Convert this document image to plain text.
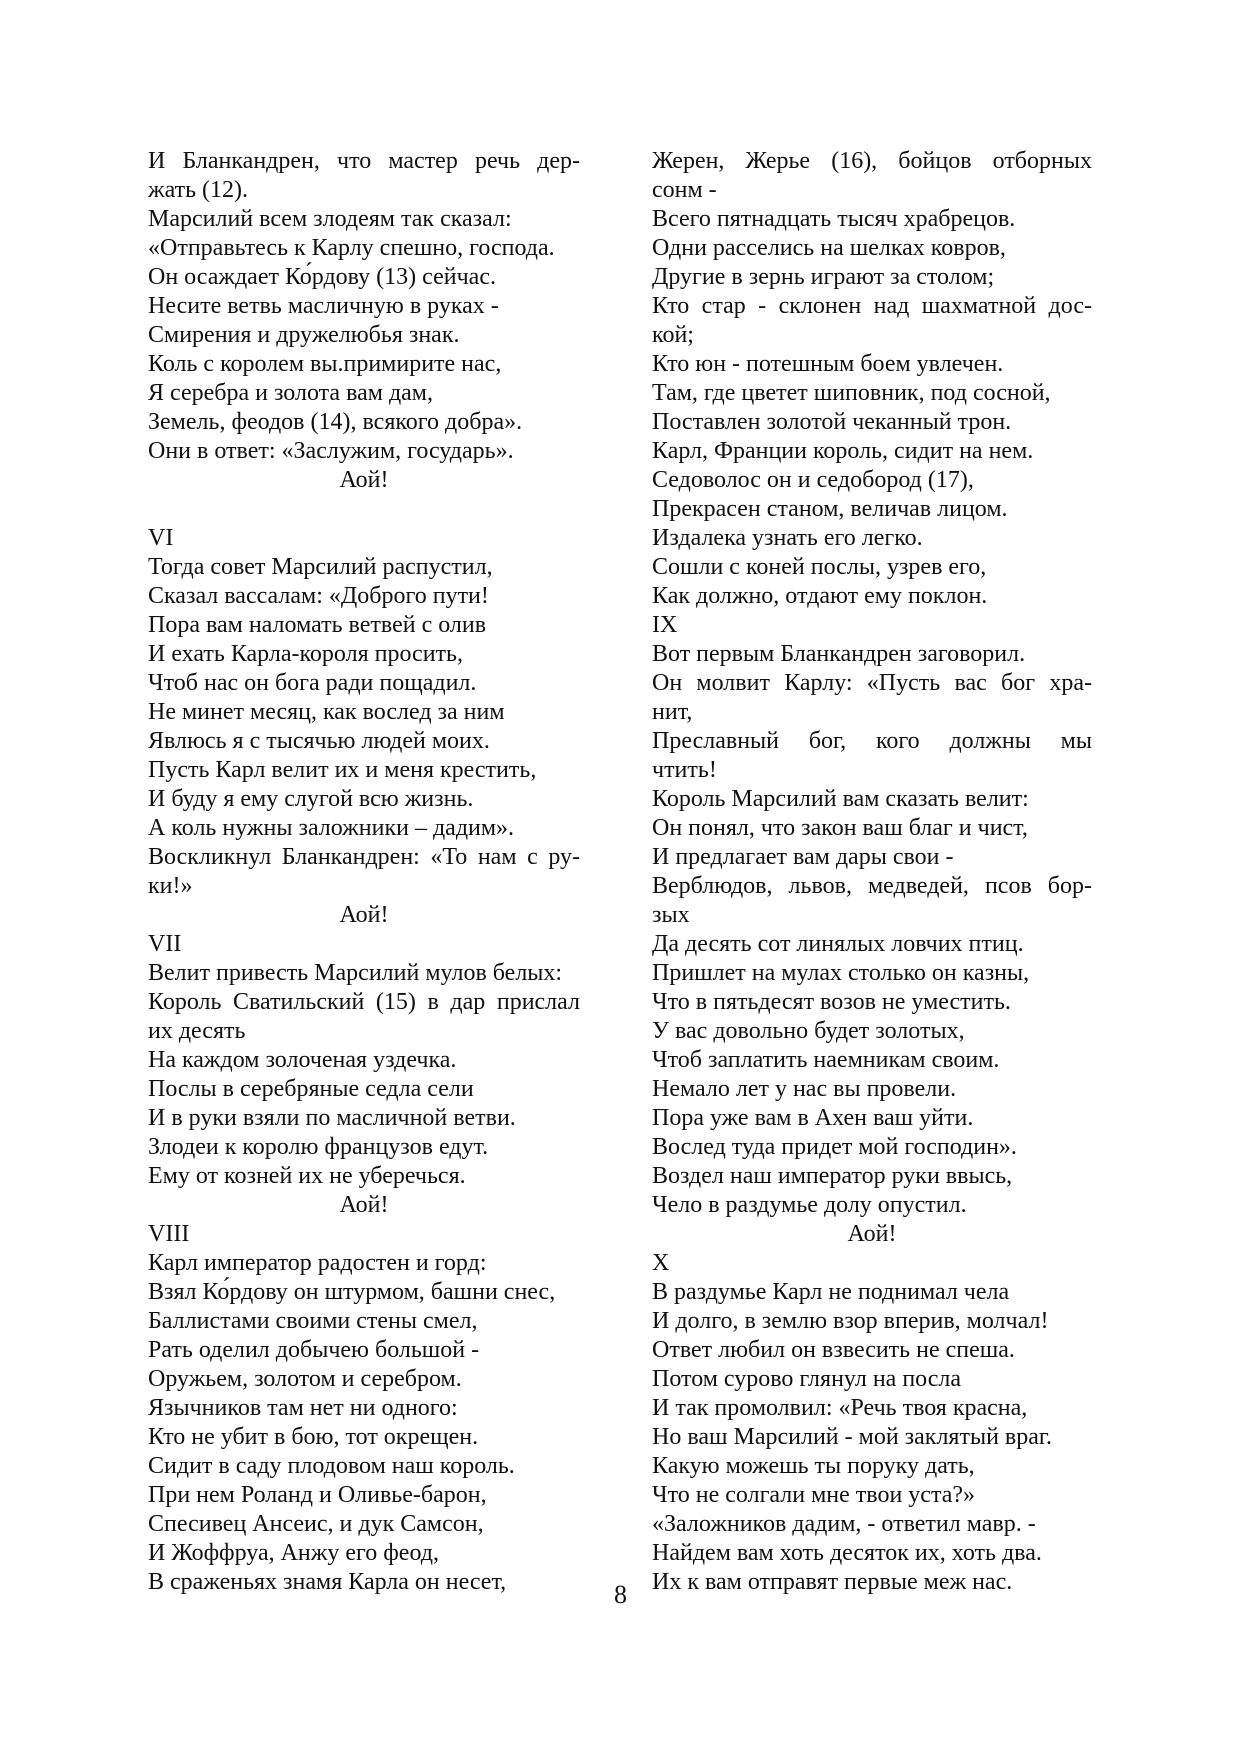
И Бланкандрен, что мастер речь дер-
жать (12).
Марсилий всем злодеям так сказал:
«Отправьтесь к Карлу спешно, господа.
Он осаждает Ко́рдову (13) сейчас.
Несите ветвь масличную в руках -
Смирения и дружелюбья знак.
Коль с королем вы.примирите нас,
Я серебра и золота вам дам,
Земель, феодов (14), всякого добра».
Они в ответ: «Заслужим, государь».
Аой!
VI
Тогда совет Марсилий распустил,
Сказал вассалам: «Доброго пути!
Пора вам наломать ветвей с олив
И ехать Карла-короля просить,
Чтоб нас он бога ради пощадил.
Не минет месяц, как вослед за ним
Явлюсь я с тысячью людей моих.
Пусть Карл велит их и меня крестить,
И буду я ему слугой всю жизнь.
А коль нужны заложники – дадим».
Воскликнул Бланкандрен: «То нам с ру-
ки!»
Аой!
VII
Велит привесть Марсилий мулов белых:
Король Сватильский (15) в дар прислал
их десять
На каждом золоченая уздечка.
Послы в серебряные седла сели
И в руки взяли по масличной ветви.
Злодеи к королю французов едут.
Ему от козней их не уберечься.
Аой!
VIII
Карл император радостен и горд:
Взял Ко́рдову он штурмом, башни снес,
Баллистами своими стены смел,
Рать оделил добычею большой -
Оружьем, золотом и серебром.
Язычников там нет ни одного:
Кто не убит в бою, тот окрещен.
Сидит в саду плодовом наш король.
При нем Роланд и Оливье-барон,
Спесивец Ансеис, и дук Самсон,
И Жоффруа, Анжу его феод,
В сраженьях знамя Карла он несет,
Жерен, Жерье (16), бойцов отборных
сонм -
Всего пятнадцать тысяч храбрецов.
Одни расселись на шелках ковров,
Другие в зернь играют за столом;
Кто стар - склонен над шахматной дос-
кой;
Кто юн - потешным боем увлечен.
Там, где цветет шиповник, под сосной,
Поставлен золотой чеканный трон.
Карл, Франции король, сидит на нем.
Седоволос он и седобород (17),
Прекрасен станом, величав лицом.
Издалека узнать его легко.
Сошли с коней послы, узрев его,
Как должно, отдают ему поклон.
IX
Вот первым Бланкандрен заговорил.
Он молвит Карлу: «Пусть вас бог хра-
нит,
Преславный бог, кого должны мы
чтить!
Король Марсилий вам сказать велит:
Он понял, что закон ваш благ и чист,
И предлагает вам дары свои -
Верблюдов, львов, медведей, псов бор-
зых
Да десять сот линялых ловчих птиц.
Пришлет на мулах столько он казны,
Что в пятьдесят возов не уместить.
У вас довольно будет золотых,
Чтоб заплатить наемникам своим.
Немало лет у нас вы провели.
Пора уже вам в Ахен ваш уйти.
Вослед туда придет мой господин».
Воздел наш император руки ввысь,
Чело в раздумье долу опустил.
Аой!
X
В раздумье Карл не поднимал чела
И долго, в землю взор вперив, молчал!
Ответ любил он взвесить не спеша.
Потом сурово глянул на посла
И так промолвил: «Речь твоя красна,
Но ваш Марсилий - мой заклятый враг.
Какую можешь ты поруку дать,
Что не солгали мне твои уста?»
«Заложников дадим, - ответил мавр. -
Найдем вам хоть десяток их, хоть два.
Их к вам отправят первые меж нас.
8
